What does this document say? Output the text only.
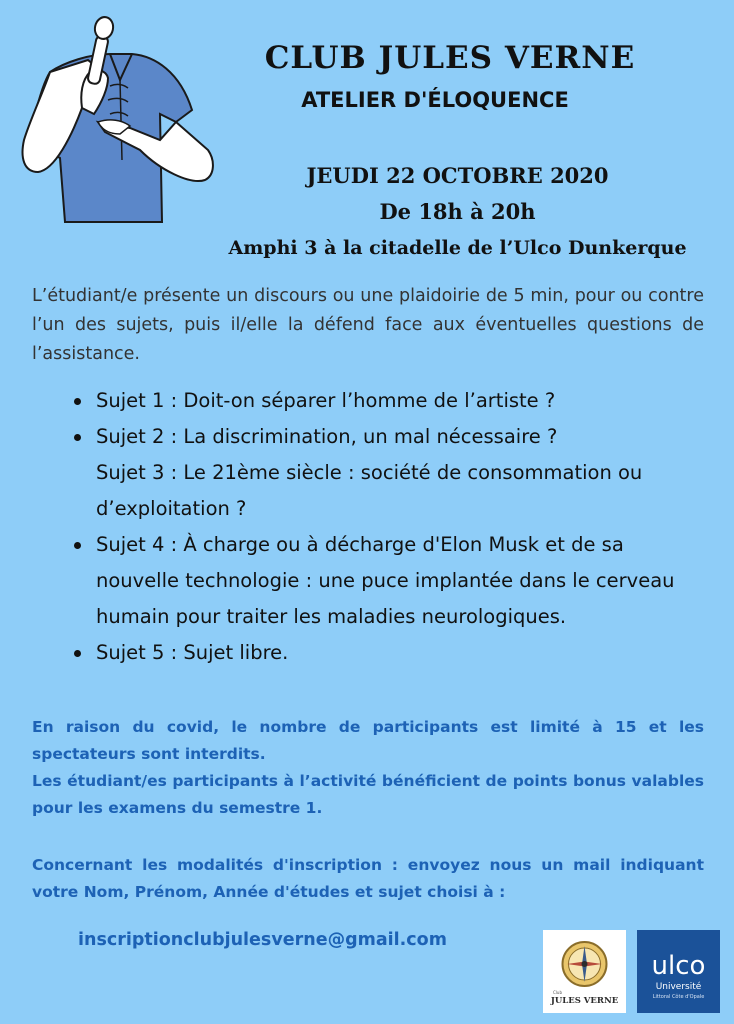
CLUB JULES VERNE
ATELIER D'ÉLOQUENCE
JEUDI 22 OCTOBRE 2020
De 18h à 20h
Amphi 3 à la citadelle de l’Ulco Dunkerque
L’étudiant/e présente un discours ou une plaidoirie de 5 min, pour ou contre l’un des sujets, puis il/elle la défend face aux éventuelles questions de l’assistance.
Sujet 1 : Doit-on séparer l’homme de l’artiste ?
Sujet 2 : La discrimination, un mal nécessaire ?
Sujet 3 : Le 21ème siècle : société de consommation ou d’exploitation ?
Sujet 4 : À charge ou à décharge d'Elon Musk et de sa nouvelle technologie : une puce implantée dans le cerveau humain pour traiter les maladies neurologiques.
Sujet 5 : Sujet libre.
En raison du covid, le nombre de participants est limité à 15 et les spectateurs sont interdits.
Les étudiant/es participants à l’activité bénéficient de points bonus valables pour les examens du semestre 1.
Concernant les modalités d'inscription : envoyez nous un mail indiquant votre Nom, Prénom, Année d'études et sujet choisi à :
inscriptionclubjulesverne@gmail.com
Club
JULES VERNE
ulco
Université
Littoral Côte d'Opale
